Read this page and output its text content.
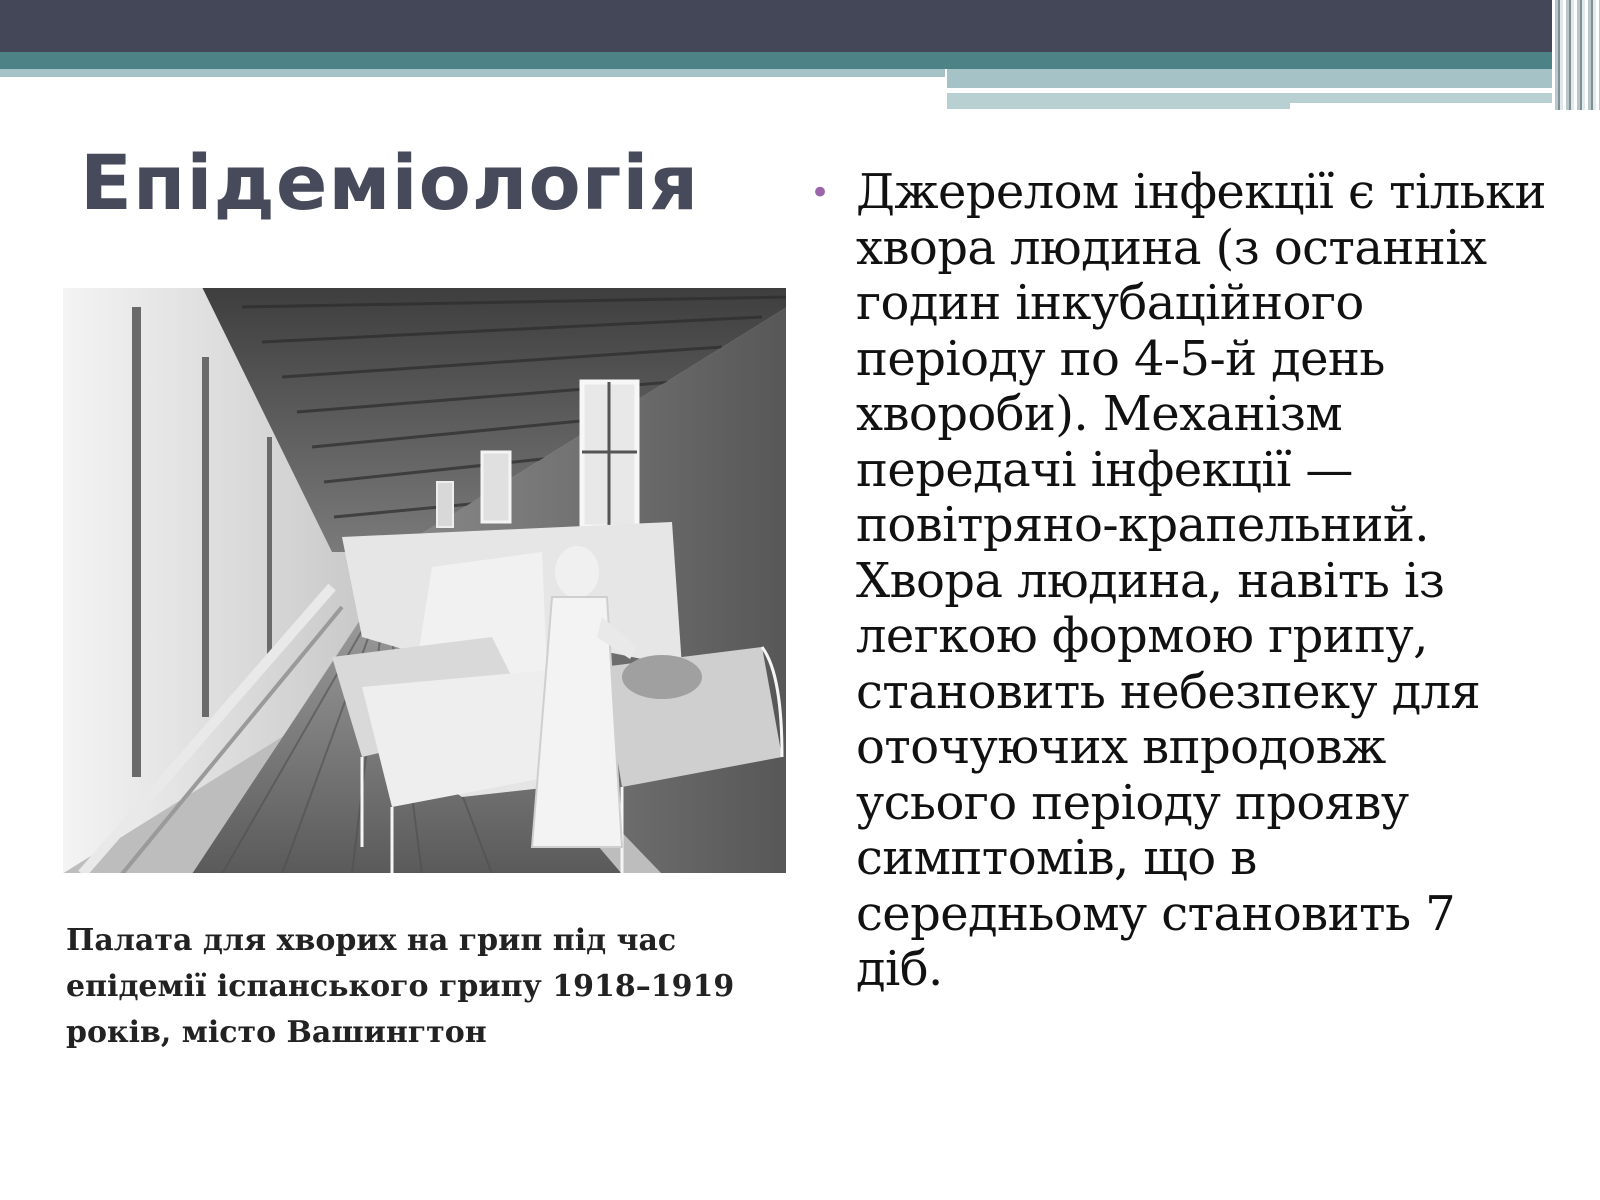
Епідеміологія

Палата для хворих на грип під час епідемії іспанського грипу 1918–1919 років, місто Вашингтон

• Джерелом інфекції є тільки хвора людина (з останніх годин інкубаційного періоду по 4-5-й день хвороби). Механізм передачі інфекції — повітряно-крапельний. Хвора людина, навіть із легкою формою грипу, становить небезпеку для оточуючих впродовж усього періоду прояву симптомів, що в середньому становить 7 діб.
